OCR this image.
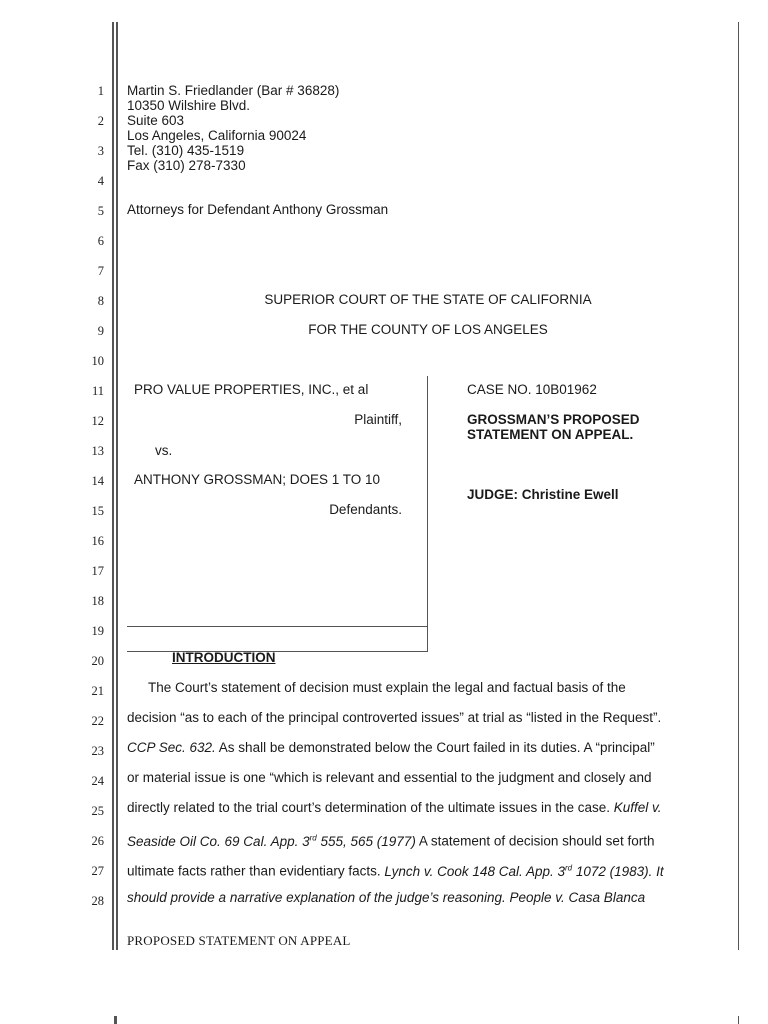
1
2
3
4
5
6
7
8
9
10
11
12
13
14
15
16
17
18
19
20
21
22
23
24
25
26
27
28
Martin S. Friedlander (Bar # 36828)
10350 Wilshire Blvd.
Suite 603
Los Angeles, California 90024
Tel. (310) 435-1519
Fax (310) 278-7330
Attorneys for Defendant Anthony Grossman
SUPERIOR COURT OF THE STATE OF CALIFORNIA
FOR THE COUNTY OF LOS ANGELES
PRO VALUE PROPERTIES, INC., et al
Plaintiff,
vs.
ANTHONY GROSSMAN; DOES 1 TO 10
Defendants.
CASE NO. 10B01962
GROSSMAN’S PROPOSED
STATEMENT ON APPEAL.
JUDGE: Christine Ewell
INTRODUCTION
The Court’s statement of decision must explain the legal and factual basis of the
decision “as to each of the principal controverted issues” at trial as “listed in the Request”.
CCP Sec. 632. As shall be demonstrated below the Court failed in its duties. A “principal”
or material issue is one “which is relevant and essential to the judgment and closely and
directly related to the trial court’s determination of the ultimate issues in the case. Kuffel v.
Seaside Oil Co. 69 Cal. App. 3rd 555, 565 (1977) A statement of decision should set forth
ultimate facts rather than evidentiary facts. Lynch v. Cook 148 Cal. App. 3rd 1072 (1983). It
should provide a narrative explanation of the judge’s reasoning. People v. Casa Blanca
PROPOSED STATEMENT ON APPEAL
